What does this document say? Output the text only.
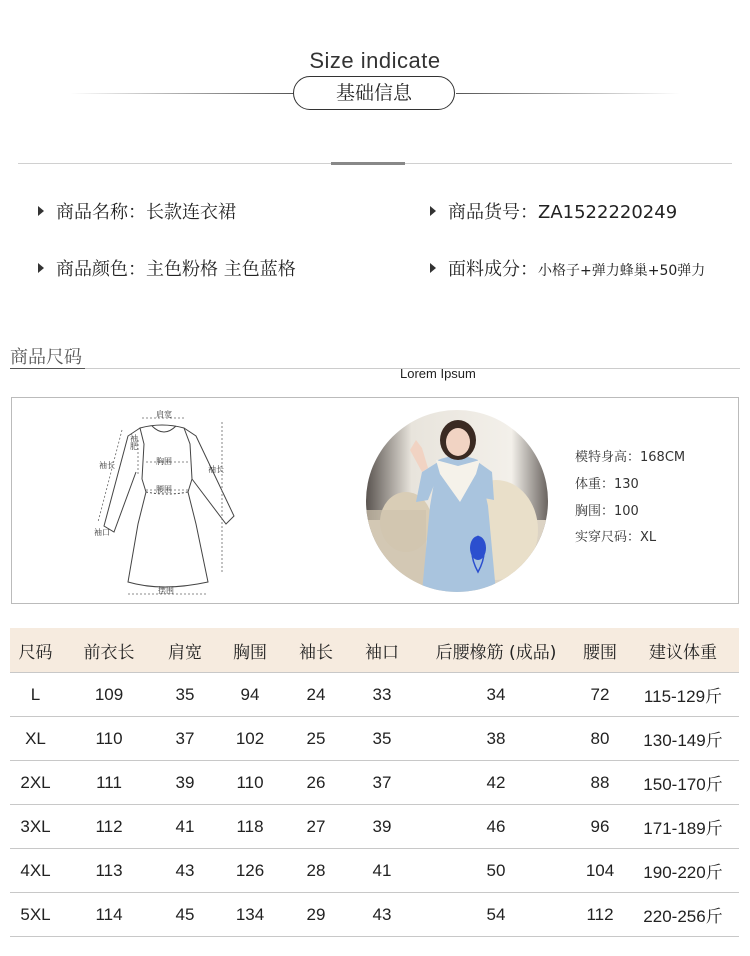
Size indicate
基础信息
商品名称：长款连衣裙	商品货号：ZA1522220249
商品颜色：主色粉格 主色蓝格	面料成分：小格子+弹力蜂巢+50弹力
商品尺码
Lorem Ipsum
肩宽
胸围
腰围
摆围
袖长	袖长
袖口
袖肥
模特身高：168CM
体重：130
胸围：100
实穿尺码：XL
尺码	前衣长	肩宽	胸围	袖长	袖口	后腰橡筋 (成品)	腰围	建议体重
L	109	35	94	24	33	34	72	115-129斤
XL	110	37	102	25	35	38	80	130-149斤
2XL	111	39	110	26	37	42	88	150-170斤
3XL	112	41	118	27	39	46	96	171-189斤
4XL	113	43	126	28	41	50	104	190-220斤
5XL	114	45	134	29	43	54	112	220-256斤
